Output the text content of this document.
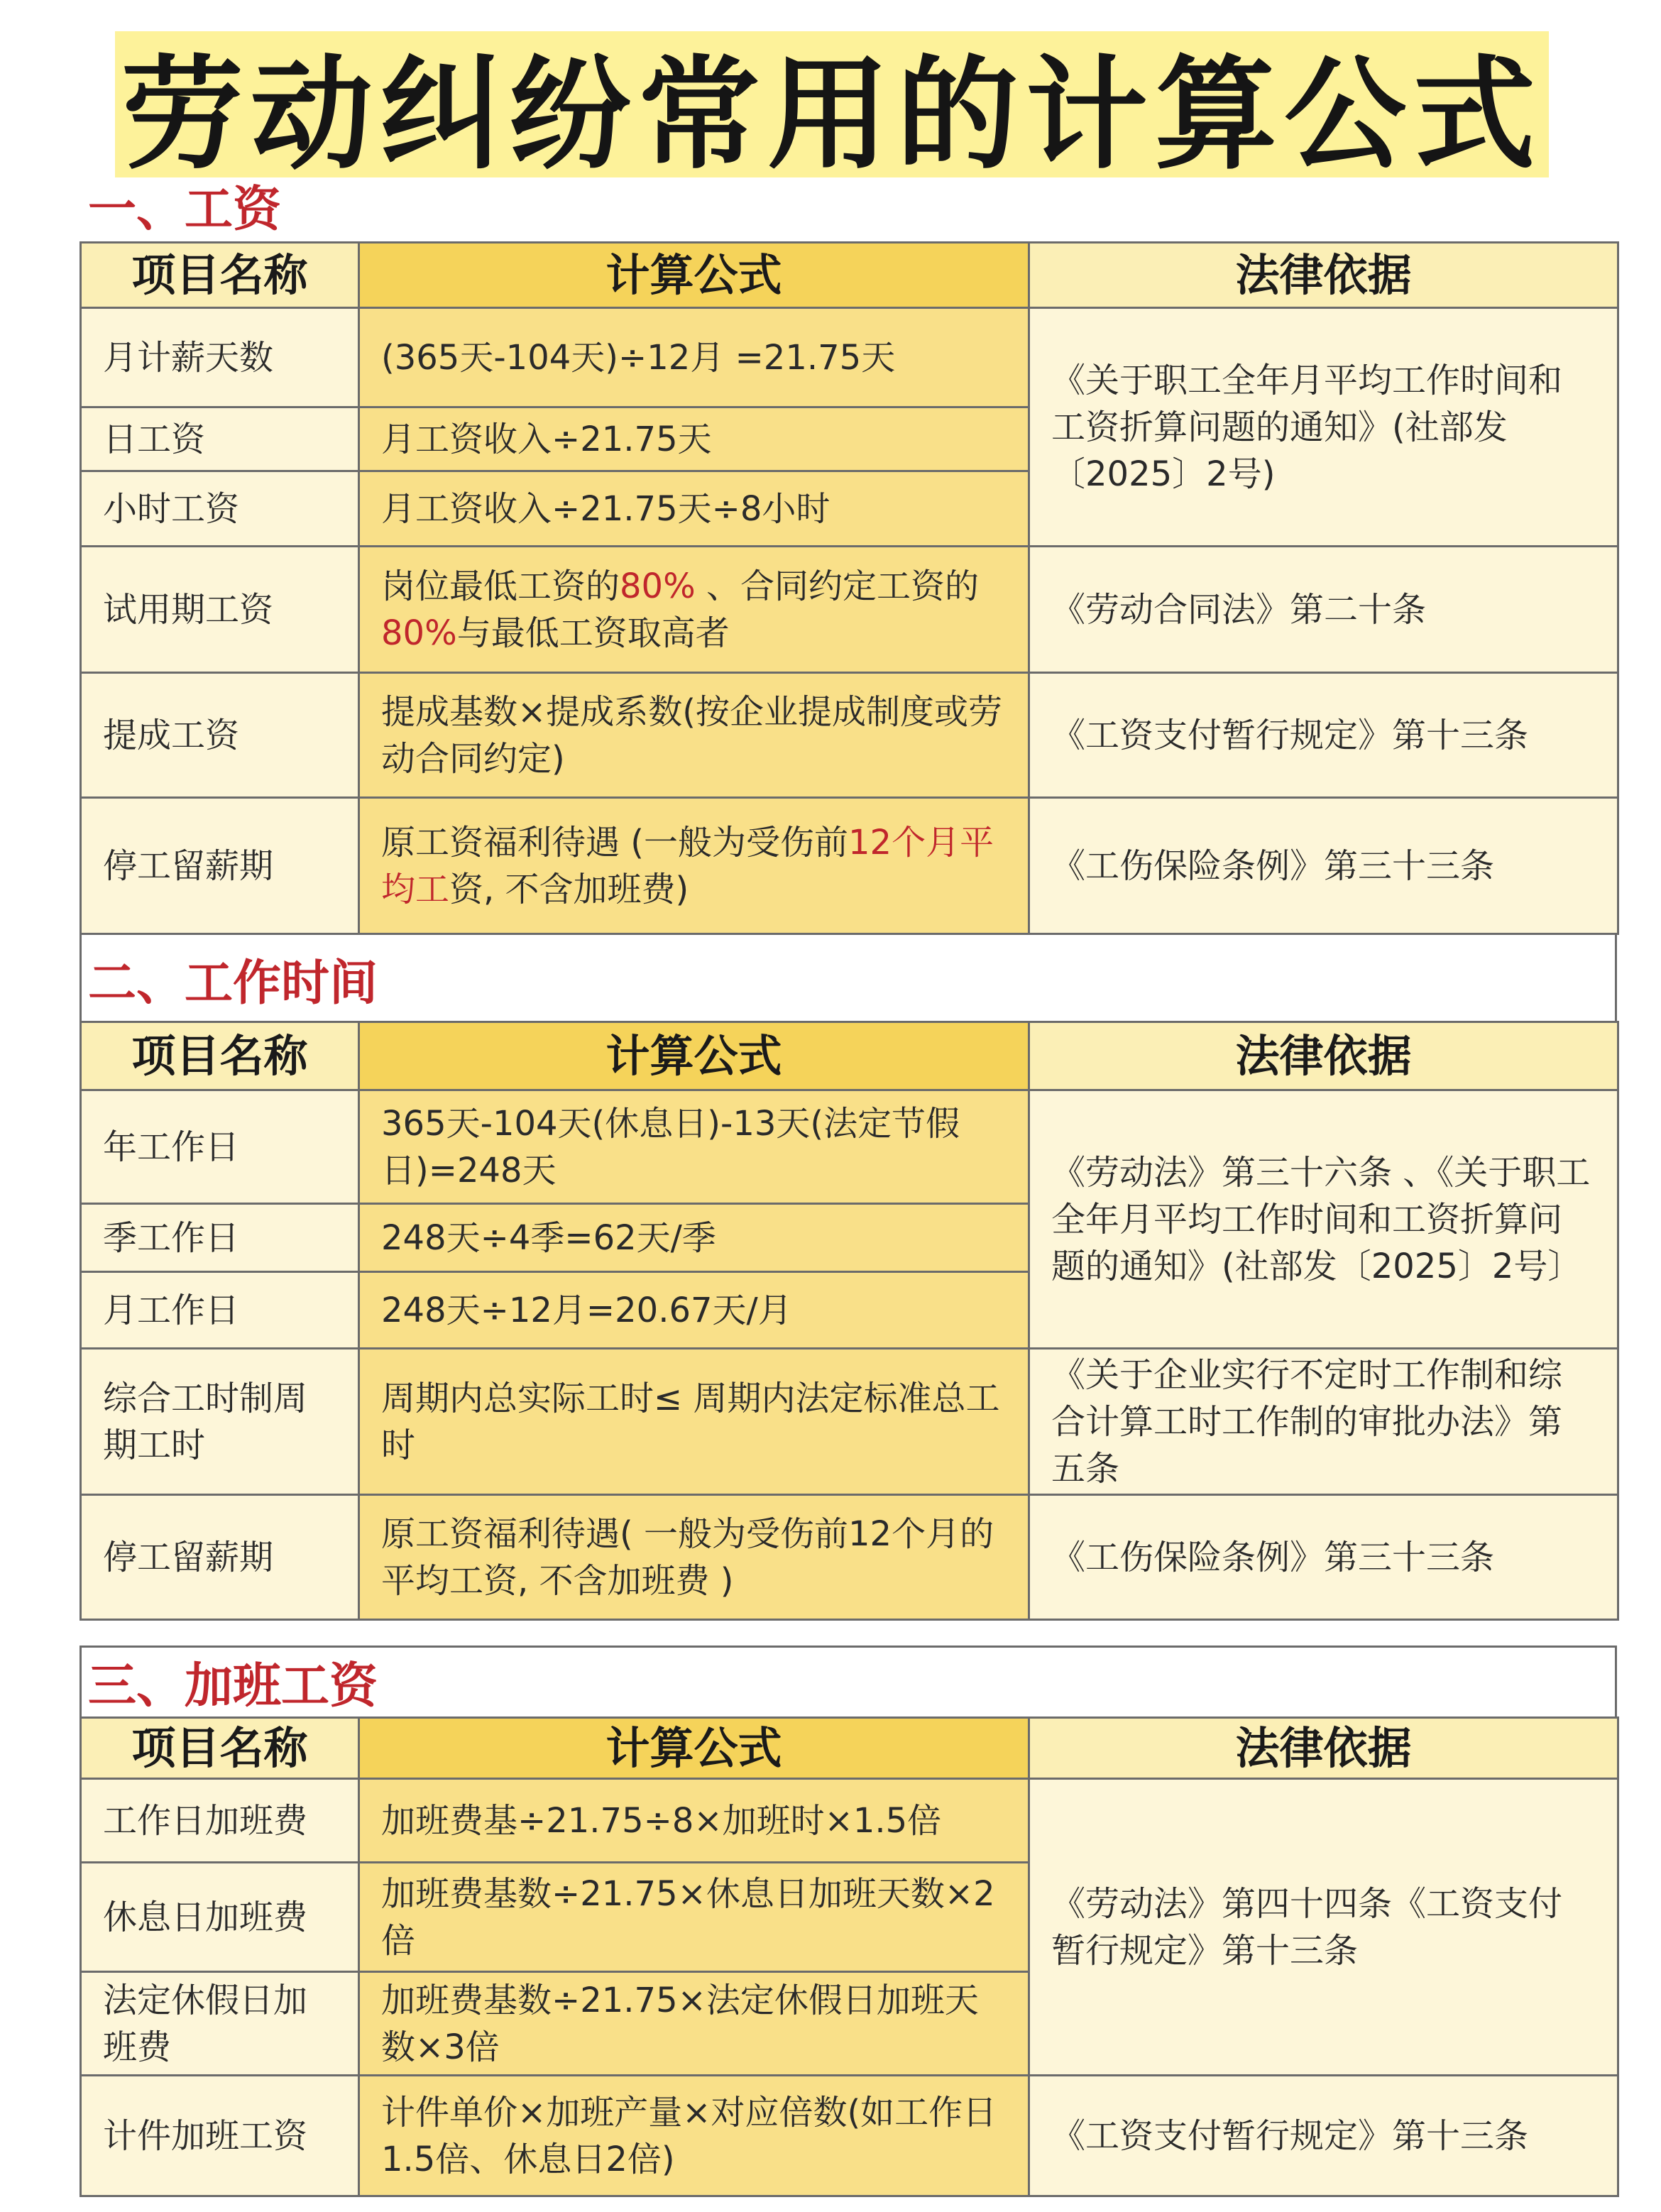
劳动纠纷常用的计算公式
一、工资
项目名称	计算公式	法律依据
月计薪天数	(365天-104天)÷12月 =21.75天	《关于职工全年月平均工作时间和工资折算问题的通知》(社部发〔2025〕2号)
日工资	月工资收入÷21.75天	
小时工资	月工资收入÷21.75天÷8小时	
试用期工资	岗位最低工资的80% 、合同约定工资的80%与最低工资取高者	《劳动合同法》第二十条
提成工资	提成基数×提成系数(按企业提成制度或劳动合同约定)	《工资支付暂行规定》第十三条
停工留薪期	原工资福利待遇 (一般为受伤前12个月平均工资, 不含加班费)	《工伤保险条例》第三十三条
二、工作时间
项目名称	计算公式	法律依据
年工作日	365天-104天(休息日)-13天(法定节假日)=248天	《劳动法》第三十六条 、《关于职工全年月平均工作时间和工资折算问题的通知》(社部发〔2025〕2号〕
季工作日	248天÷4季=62天/季	
月工作日	248天÷12月=20.67天/月	
综合工时制周期工时	周期内总实际工时≤ 周期内法定标准总工时	《关于企业实行不定时工作制和综合计算工时工作制的审批办法》第五条
停工留薪期	原工资福利待遇( 一般为受伤前12个月的平均工资, 不含加班费 )	《工伤保险条例》第三十三条
三、加班工资
项目名称	计算公式	法律依据
工作日加班费	加班费基÷21.75÷8×加班时×1.5倍	《劳动法》第四十四条《工资支付暂行规定》第十三条
休息日加班费	加班费基数÷21.75×休息日加班天数×2倍	
法定休假日加班费	加班费基数÷21.75×法定休假日加班天数×3倍	
计件加班工资	计件单价×加班产量×对应倍数(如工作日1.5倍、休息日2倍)	《工资支付暂行规定》第十三条
